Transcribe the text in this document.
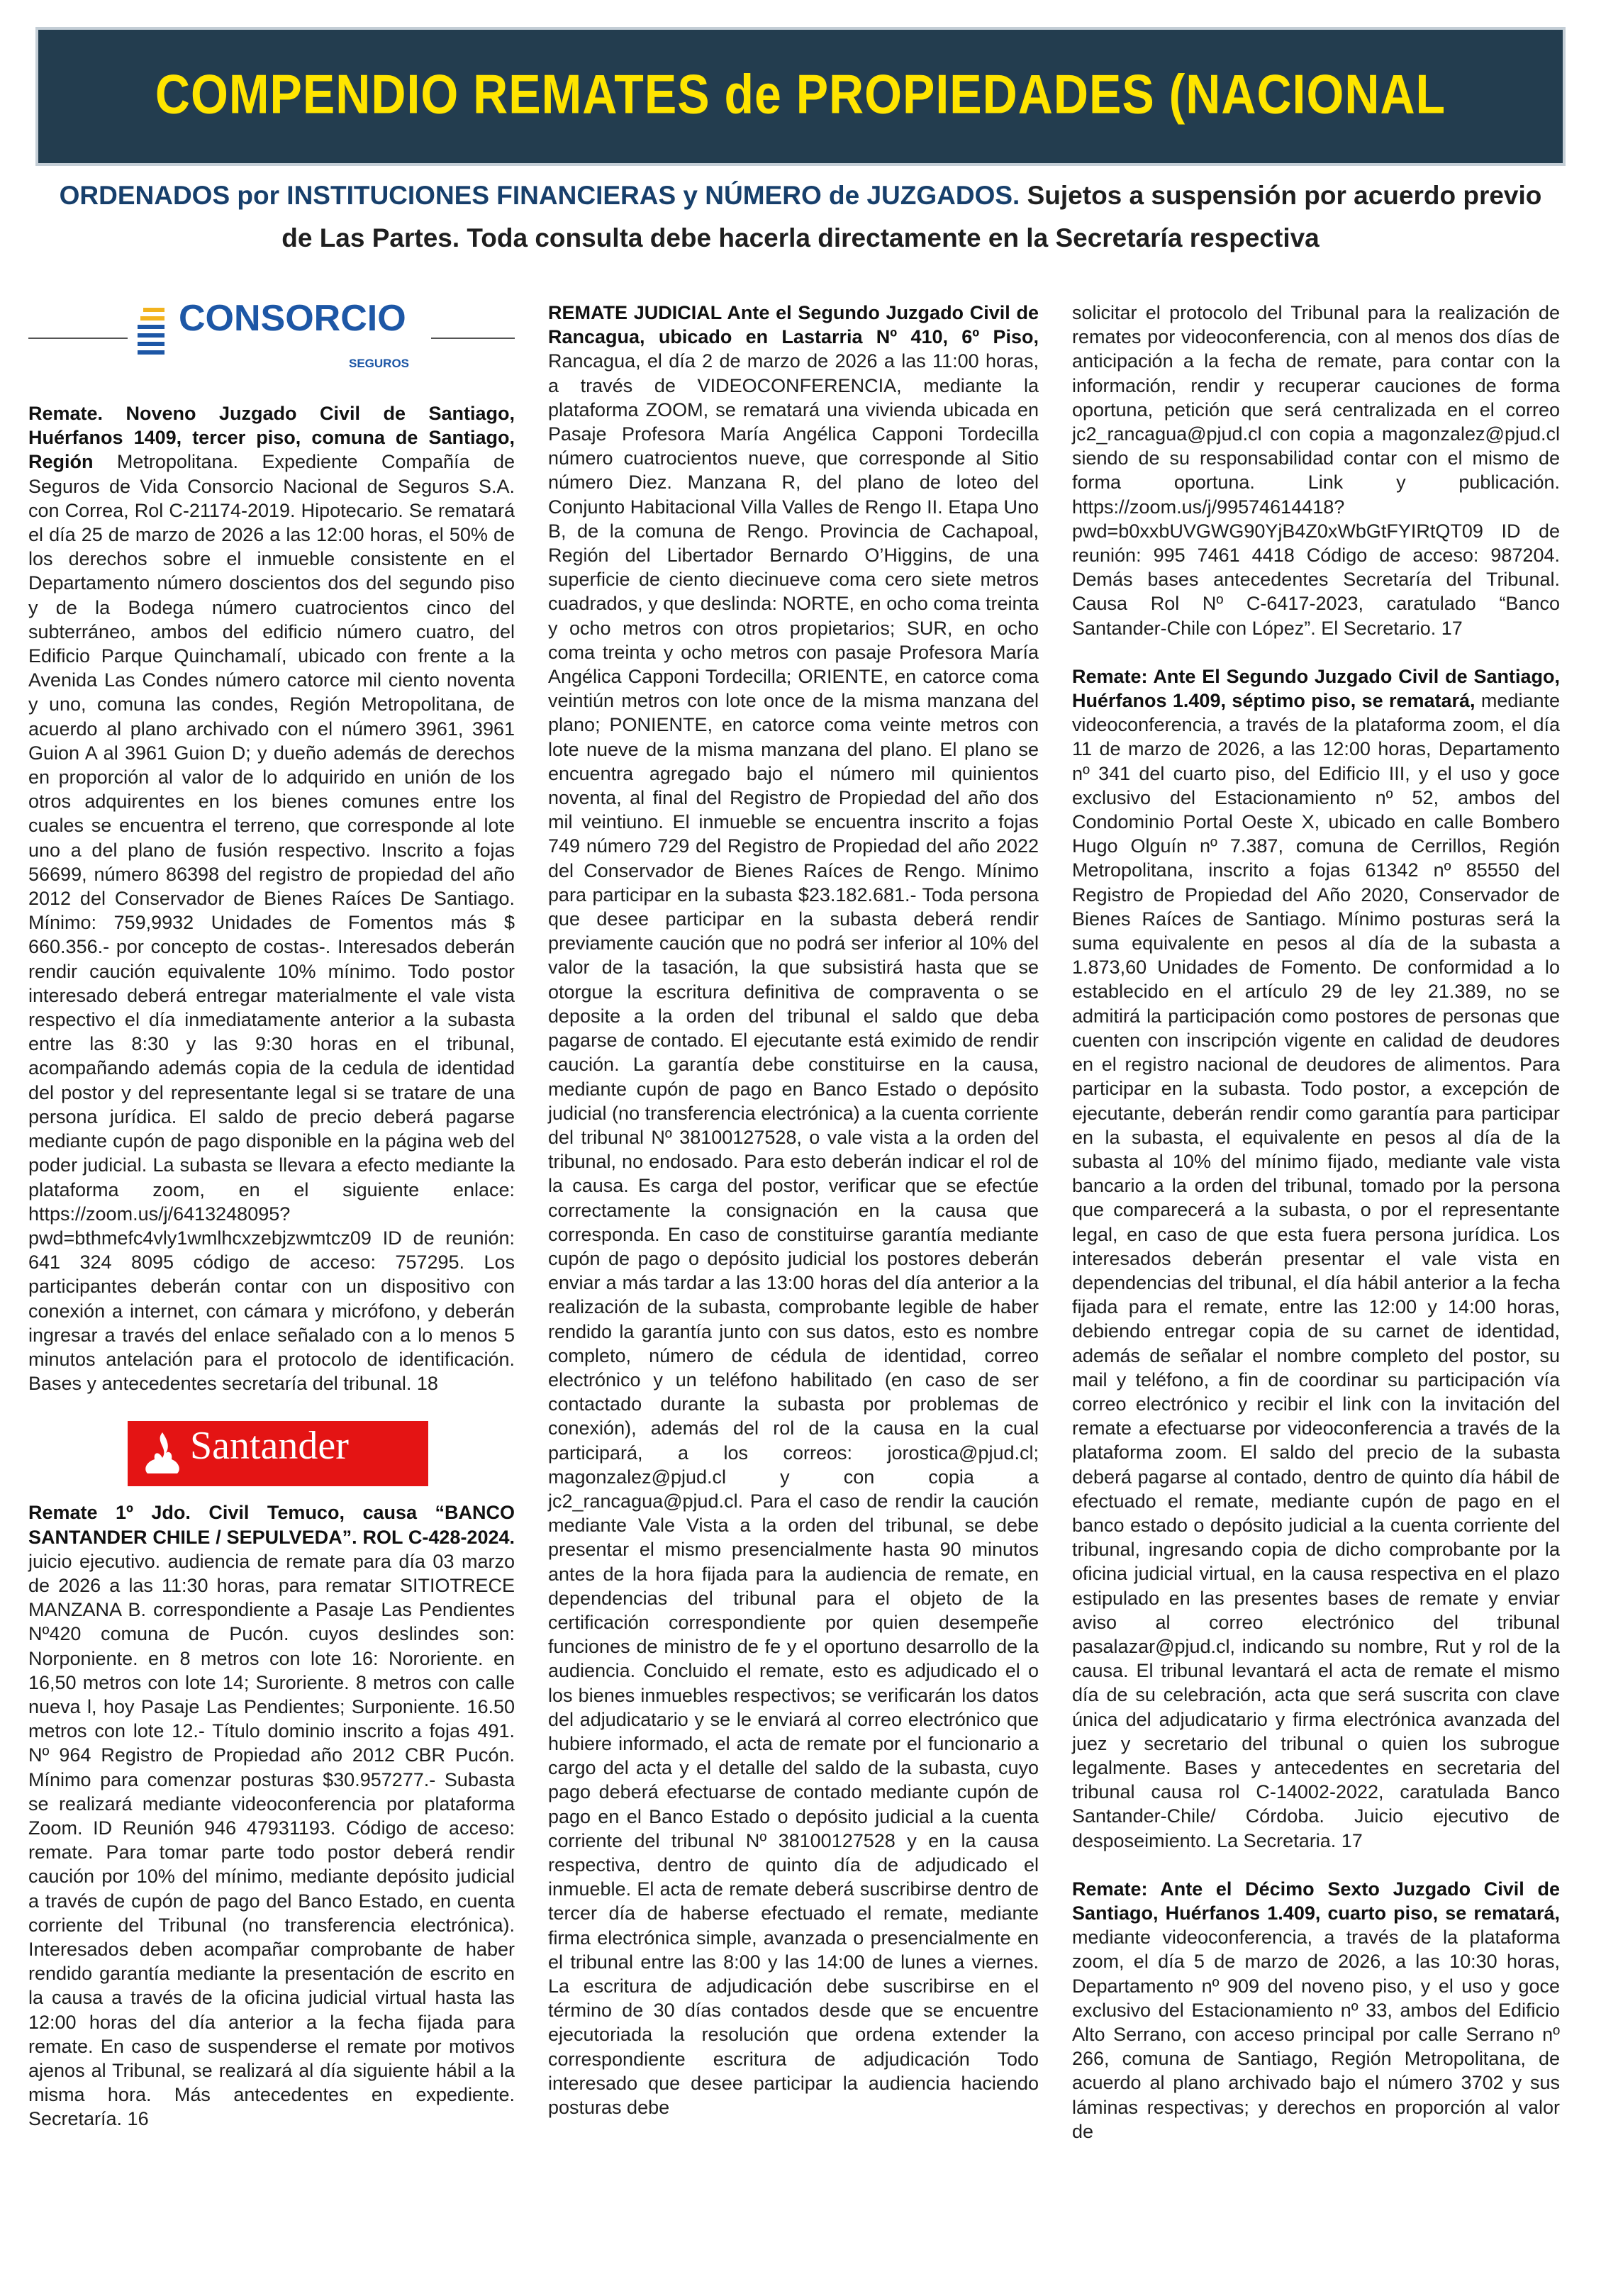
COMPENDIO REMATES de PROPIEDADES (NACIONAL
ORDENADOS por INSTITUCIONES FINANCIERAS y NÚMERO de JUZGADOS. Sujetos a suspensión por acuerdo previo de Las Partes. Toda consulta debe hacerla directamente en la Secretaría respectiva
CONSORCIO
SEGUROS

Remate. Noveno Juzgado Civil de Santiago, Huérfanos 1409, tercer piso, comuna de Santiago, Región Metropolitana. Expediente Compañía de Seguros de Vida Consorcio Nacional de Seguros S.A. con Correa, Rol C-21174-2019. Hipotecario. Se rematará el día 25 de marzo de 2026 a las 12:00 horas, el 50% de los derechos sobre el inmueble consistente en el Departamento número doscientos dos del segundo piso y de la Bodega número cuatrocientos cinco del subterráneo, ambos del edificio número cuatro, del Edificio Parque Quinchamalí, ubicado con frente a la Avenida Las Condes número catorce mil ciento noventa y uno, comuna las condes, Región Metropolitana, de acuerdo al plano archivado con el número 3961, 3961 Guion A al 3961 Guion D; y dueño además de derechos en proporción al valor de lo adquirido en unión de los otros adquirentes en los bienes comunes entre los cuales se encuentra el terreno, que corresponde al lote uno a del plano de fusión respectivo. Inscrito a fojas 56699, número 86398 del registro de propiedad del año 2012 del Conservador de Bienes Raíces De Santiago. Mínimo: 759,9932 Unidades de Fomentos más $ 660.356.- por concepto de costas-. Interesados deberán rendir caución equivalente 10% mínimo. Todo postor interesado deberá entregar materialmente el vale vista respectivo el día inmediatamente anterior a la subasta entre las 8:30 y las 9:30 horas en el tribunal, acompañando además copia de la cedula de identidad del postor y del representante legal si se tratare de una persona jurídica. El saldo de precio deberá pagarse mediante cupón de pago disponible en la página web del poder judicial. La subasta se llevara a efecto mediante la plataforma zoom, en el siguiente enlace: https://zoom.us/j/6413248095?pwd=bthmefc4vly1wmlhcxzebjzwmtcz09 ID de reunión: 641 324 8095 código de acceso: 757295. Los participantes deberán contar con un dispositivo con conexión a internet, con cámara y micrófono, y deberán ingresar a través del enlace señalado con a lo menos 5 minutos antelación para el protocolo de identificación. Bases y antecedentes secretaría del tribunal. 18

Santander

Remate 1º Jdo. Civil Temuco, causa “BANCO SANTANDER CHILE / SEPULVEDA”. ROL C-428-2024. juicio ejecutivo. audiencia de remate para día 03 marzo de 2026 a las 11:30 horas, para rematar SITIOTRECE MANZANA B. correspondiente a Pasaje Las Pendientes Nº420 comuna de Pucón. cuyos deslindes son: Norponiente. en 8 metros con lote 16: Nororiente. en 16,50 metros con lote 14; Suroriente. 8 metros con calle nueva l, hoy Pasaje Las Pendientes; Surponiente. 16.50 metros con lote 12.- Título dominio inscrito a fojas 491. Nº 964 Registro de Propiedad año 2012 CBR Pucón. Mínimo para comenzar posturas $30.957277.- Subasta se realizará mediante videoconferencia por plataforma Zoom. ID Reunión 946 47931193. Código de acceso: remate. Para tomar parte todo postor deberá rendir caución por 10% del mínimo, mediante depósito judicial a través de cupón de pago del Banco Estado, en cuenta corriente del Tribunal (no transferencia electrónica). Interesados deben acompañar comprobante de haber rendido garantía mediante la presentación de escrito en la causa a través de la oficina judicial virtual hasta las 12:00 horas del día anterior a la fecha fijada para remate. En caso de suspenderse el remate por motivos ajenos al Tribunal, se realizará al día siguiente hábil a la misma hora. Más antecedentes en expediente. Secretaría. 16

REMATE JUDICIAL Ante el Segundo Juzgado Civil de Rancagua, ubicado en Lastarria Nº 410, 6º Piso, Rancagua, el día 2 de marzo de 2026 a las 11:00 horas, a través de VIDEOCONFERENCIA, mediante la plataforma ZOOM, se rematará una vivienda ubicada en Pasaje Profesora María Angélica Capponi Tordecilla número cuatrocientos nueve, que corresponde al Sitio número Diez. Manzana R, del plano de loteo del Conjunto Habitacional Villa Valles de Rengo II. Etapa Uno B, de la comuna de Rengo. Provincia de Cachapoal, Región del Libertador Bernardo O’Higgins, de una superficie de ciento diecinueve coma cero siete metros cuadrados, y que deslinda: NORTE, en ocho coma treinta y ocho metros con otros propietarios; SUR, en ocho coma treinta y ocho metros con pasaje Profesora María Angélica Capponi Tordecilla; ORIENTE, en catorce coma veintiún metros con lote once de la misma manzana del plano; PONIENTE, en catorce coma veinte metros con lote nueve de la misma manzana del plano. El plano se encuentra agregado bajo el número mil quinientos noventa, al final del Registro de Propiedad del año dos mil veintiuno. El inmueble se encuentra inscrito a fojas 749 número 729 del Registro de Propiedad del año 2022 del Conservador de Bienes Raíces de Rengo. Mínimo para participar en la subasta $23.182.681.- Toda persona que desee participar en la subasta deberá rendir previamente caución que no podrá ser inferior al 10% del valor de la tasación, la que subsistirá hasta que se otorgue la escritura definitiva de compraventa o se deposite a la orden del tribunal el saldo que deba pagarse de contado. El ejecutante está eximido de rendir caución. La garantía debe constituirse en la causa, mediante cupón de pago en Banco Estado o depósito judicial (no transferencia electrónica) a la cuenta corriente del tribunal Nº 38100127528, o vale vista a la orden del tribunal, no endosado. Para esto deberán indicar el rol de la causa. Es carga del postor, verificar que se efectúe correctamente la consignación en la causa que corresponda. En caso de constituirse garantía mediante cupón de pago o depósito judicial los postores deberán enviar a más tardar a las 13:00 horas del día anterior a la realización de la subasta, comprobante legible de haber rendido la garantía junto con sus datos, esto es nombre completo, número de cédula de identidad, correo electrónico y un teléfono habilitado (en caso de ser contactado durante la subasta por problemas de conexión), además del rol de la causa en la cual participará, a los correos: jorostica@pjud.cl; magonzalez@pjud.cl y con copia a jc2_rancagua@pjud.cl. Para el caso de rendir la caución mediante Vale Vista a la orden del tribunal, se debe presentar el mismo presencialmente hasta 90 minutos antes de la hora fijada para la audiencia de remate, en dependencias del tribunal para el objeto de la certificación correspondiente por quien desempeñe funciones de ministro de fe y el oportuno desarrollo de la audiencia. Concluido el remate, esto es adjudicado el o los bienes inmuebles respectivos; se verificarán los datos del adjudicatario y se le enviará al correo electrónico que hubiere informado, el acta de remate por el funcionario a cargo del acta y el detalle del saldo de la subasta, cuyo pago deberá efectuarse de contado mediante cupón de pago en el Banco Estado o depósito judicial a la cuenta corriente del tribunal Nº 38100127528 y en la causa respectiva, dentro de quinto día de adjudicado el inmueble. El acta de remate deberá suscribirse dentro de tercer día de haberse efectuado el remate, mediante firma electrónica simple, avanzada o presencialmente en el tribunal entre las 8:00 y las 14:00 de lunes a viernes. La escritura de adjudicación debe suscribirse en el término de 30 días contados desde que se encuentre ejecutoriada la resolución que ordena extender la correspondiente escritura de adjudicación Todo interesado que desee participar la audiencia haciendo posturas debe

solicitar el protocolo del Tribunal para la realización de remates por videoconferencia, con al menos dos días de anticipación a la fecha de remate, para contar con la información, rendir y recuperar cauciones de forma oportuna, petición que será centralizada en el correo jc2_rancagua@pjud.cl con copia a magonzalez@pjud.cl siendo de su responsabilidad contar con el mismo de forma oportuna. Link y publicación. https://zoom.us/j/99574614418?pwd=b0xxbUVGWG90YjB4Z0xWbGtFYIRtQT09 ID de reunión: 995 7461 4418 Código de acceso: 987204. Demás bases antecedentes Secretaría del Tribunal. Causa Rol Nº C-6417-2023, caratulado “Banco Santander-Chile con López”. El Secretario. 17

Remate: Ante El Segundo Juzgado Civil de Santiago, Huérfanos 1.409, séptimo piso, se rematará, mediante videoconferencia, a través de la plataforma zoom, el día 11 de marzo de 2026, a las 12:00 horas, Departamento nº 341 del cuarto piso, del Edificio III, y el uso y goce exclusivo del Estacionamiento nº 52, ambos del Condominio Portal Oeste X, ubicado en calle Bombero Hugo Olguín nº 7.387, comuna de Cerrillos, Región Metropolitana, inscrito a fojas 61342 nº 85550 del Registro de Propiedad del Año 2020, Conservador de Bienes Raíces de Santiago. Mínimo posturas será la suma equivalente en pesos al día de la subasta a 1.873,60 Unidades de Fomento. De conformidad a lo establecido en el artículo 29 de ley 21.389, no se admitirá la participación como postores de personas que cuenten con inscripción vigente en calidad de deudores en el registro nacional de deudores de alimentos. Para participar en la subasta. Todo postor, a excepción de ejecutante, deberán rendir como garantía para participar en la subasta, el equivalente en pesos al día de la subasta al 10% del mínimo fijado, mediante vale vista bancario a la orden del tribunal, tomado por la persona que comparecerá a la subasta, o por el representante legal, en caso de que esta fuera persona jurídica. Los interesados deberán presentar el vale vista en dependencias del tribunal, el día hábil anterior a la fecha fijada para el remate, entre las 12:00 y 14:00 horas, debiendo entregar copia de su carnet de identidad, además de señalar el nombre completo del postor, su mail y teléfono, a fin de coordinar su participación vía correo electrónico y recibir el link con la invitación del remate a efectuarse por videoconferencia a través de la plataforma zoom. El saldo del precio de la subasta deberá pagarse al contado, dentro de quinto día hábil de efectuado el remate, mediante cupón de pago en el banco estado o depósito judicial a la cuenta corriente del tribunal, ingresando copia de dicho comprobante por la oficina judicial virtual, en la causa respectiva en el plazo estipulado en las presentes bases de remate y enviar aviso al correo electrónico del tribunal pasalazar@pjud.cl, indicando su nombre, Rut y rol de la causa. El tribunal levantará el acta de remate el mismo día de su celebración, acta que será suscrita con clave única del adjudicatario y firma electrónica avanzada del juez y secretario del tribunal o quien los subrogue legalmente. Bases y antecedentes en secretaria del tribunal causa rol C-14002-2022, caratulada Banco Santander-Chile/ Córdoba. Juicio ejecutivo de desposeimiento. La Secretaria. 17

Remate: Ante el Décimo Sexto Juzgado Civil de Santiago, Huérfanos 1.409, cuarto piso, se rematará, mediante videoconferencia, a través de la plataforma zoom, el día 5 de marzo de 2026, a las 10:30 horas, Departamento nº 909 del noveno piso, y el uso y goce exclusivo del Estacionamiento nº 33, ambos del Edificio Alto Serrano, con acceso principal por calle Serrano nº 266, comuna de Santiago, Región Metropolitana, de acuerdo al plano archivado bajo el número 3702 y sus láminas respectivas; y derechos en proporción al valor de
